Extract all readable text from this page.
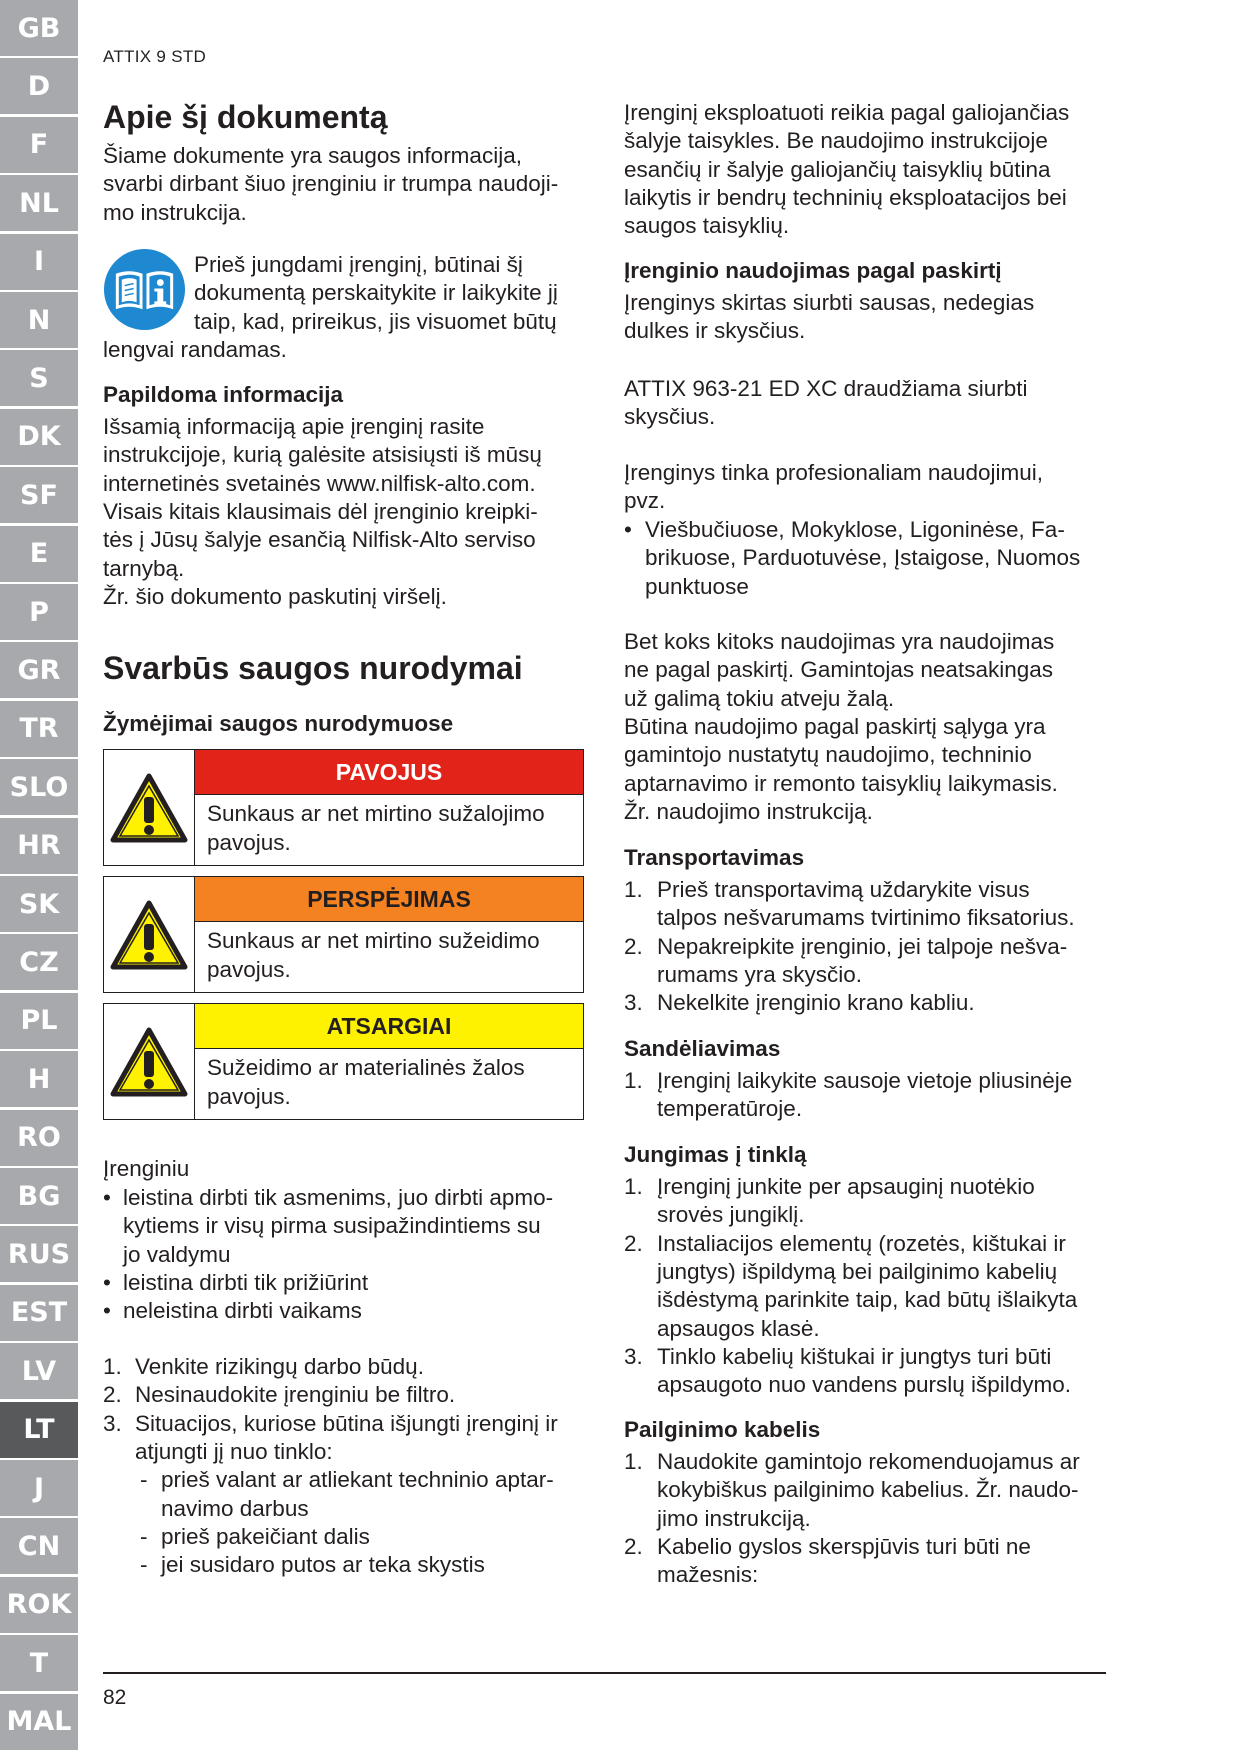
GB
D
F
NL
I
N
S
DK
SF
E
P
GR
TR
SLO
HR
SK
CZ
PL
H
RO
BG
RUS
EST
LV
LT
J
CN
ROK
T
MAL
ATTIX 9 STD
Apie šį dokumentą
Šiame dokumente yra saugos informacija,
svarbi dirbant šiuo įrenginiu ir trumpa naudoji-
mo instrukcija.
Prieš jungdami įrenginį, būtinai šį
dokumentą perskaitykite ir laikykite jį
taip, kad, prireikus, jis visuomet būtų
lengvai randamas.
Papildoma informacija
Išsamią informaciją apie įrenginį rasite
instrukcijoje, kurią galėsite atsisiųsti iš mūsų
internetinės svetainės www.nilfisk-alto.com.
Visais kitais klausimais dėl įrenginio kreipki-
tės į Jūsų šalyje esančią Nilfisk-Alto serviso
tarnybą.
Žr. šio dokumento paskutinį viršelį.
Svarbūs saugos nurodymai
Žymėjimai saugos nurodymuose
PAVOJUS
Sunkaus ar net mirtino sužalojimo
pavojus.
PERSPĖJIMAS
Sunkaus ar net mirtino sužeidimo
pavojus.
ATSARGIAI
Sužeidimo ar materialinės žalos
pavojus.
Įrenginiu
• leistina dirbti tik asmenims, juo dirbti apmo-
kytiems ir visų pirma susipažindintiems su
jo valdymu
• leistina dirbti tik prižiūrint
• neleistina dirbti vaikams
1. Venkite rizikingų darbo būdų.
2. Nesinaudokite įrenginiu be filtro.
3. Situacijos, kuriose būtina išjungti įrenginį ir
atjungti jį nuo tinklo:
- prieš valant ar atliekant techninio aptar-
navimo darbus
- prieš pakeičiant dalis
- jei susidaro putos ar teka skystis
Įrenginį eksploatuoti reikia pagal galiojančias
šalyje taisykles. Be naudojimo instrukcijoje
esančių ir šalyje galiojančių taisyklių būtina
laikytis ir bendrų techninių eksploatacijos bei
saugos taisyklių.
Įrenginio naudojimas pagal paskirtį
Įrenginys skirtas siurbti sausas, nedegias
dulkes ir skysčius.
ATTIX 963-21 ED XC draudžiama siurbti
skysčius.
Įrenginys tinka profesionaliam naudojimui,
pvz.
• Viešbučiuose, Mokyklose, Ligoninėse, Fa-
brikuose, Parduotuvėse, Įstaigose, Nuomos
punktuose
Bet koks kitoks naudojimas yra naudojimas
ne pagal paskirtį. Gamintojas neatsakingas
už galimą tokiu atveju žalą.
Būtina naudojimo pagal paskirtį sąlyga yra
gamintojo nustatytų naudojimo, techninio
aptarnavimo ir remonto taisyklių laikymasis.
Žr. naudojimo instrukciją.
Transportavimas
1. Prieš transportavimą uždarykite visus
talpos nešvarumams tvirtinimo fiksatorius.
2. Nepakreipkite įrenginio, jei talpoje nešva-
rumams yra skysčio.
3. Nekelkite įrenginio krano kabliu.
Sandėliavimas
1. Įrenginį laikykite sausoje vietoje pliusinėje
temperatūroje.
Jungimas į tinklą
1. Įrenginį junkite per apsauginį nuotėkio
srovės jungiklį.
2. Instaliacijos elementų (rozetės, kištukai ir
jungtys) išpildymą bei pailginimo kabelių
išdėstymą parinkite taip, kad būtų išlaikyta
apsaugos klasė.
3. Tinklo kabelių kištukai ir jungtys turi būti
apsaugoto nuo vandens purslų išpildymo.
Pailginimo kabelis
1. Naudokite gamintojo rekomenduojamus ar
kokybiškus pailginimo kabelius. Žr. naudo-
jimo instrukciją.
2. Kabelio gyslos skerspjūvis turi būti ne
mažesnis:
82
